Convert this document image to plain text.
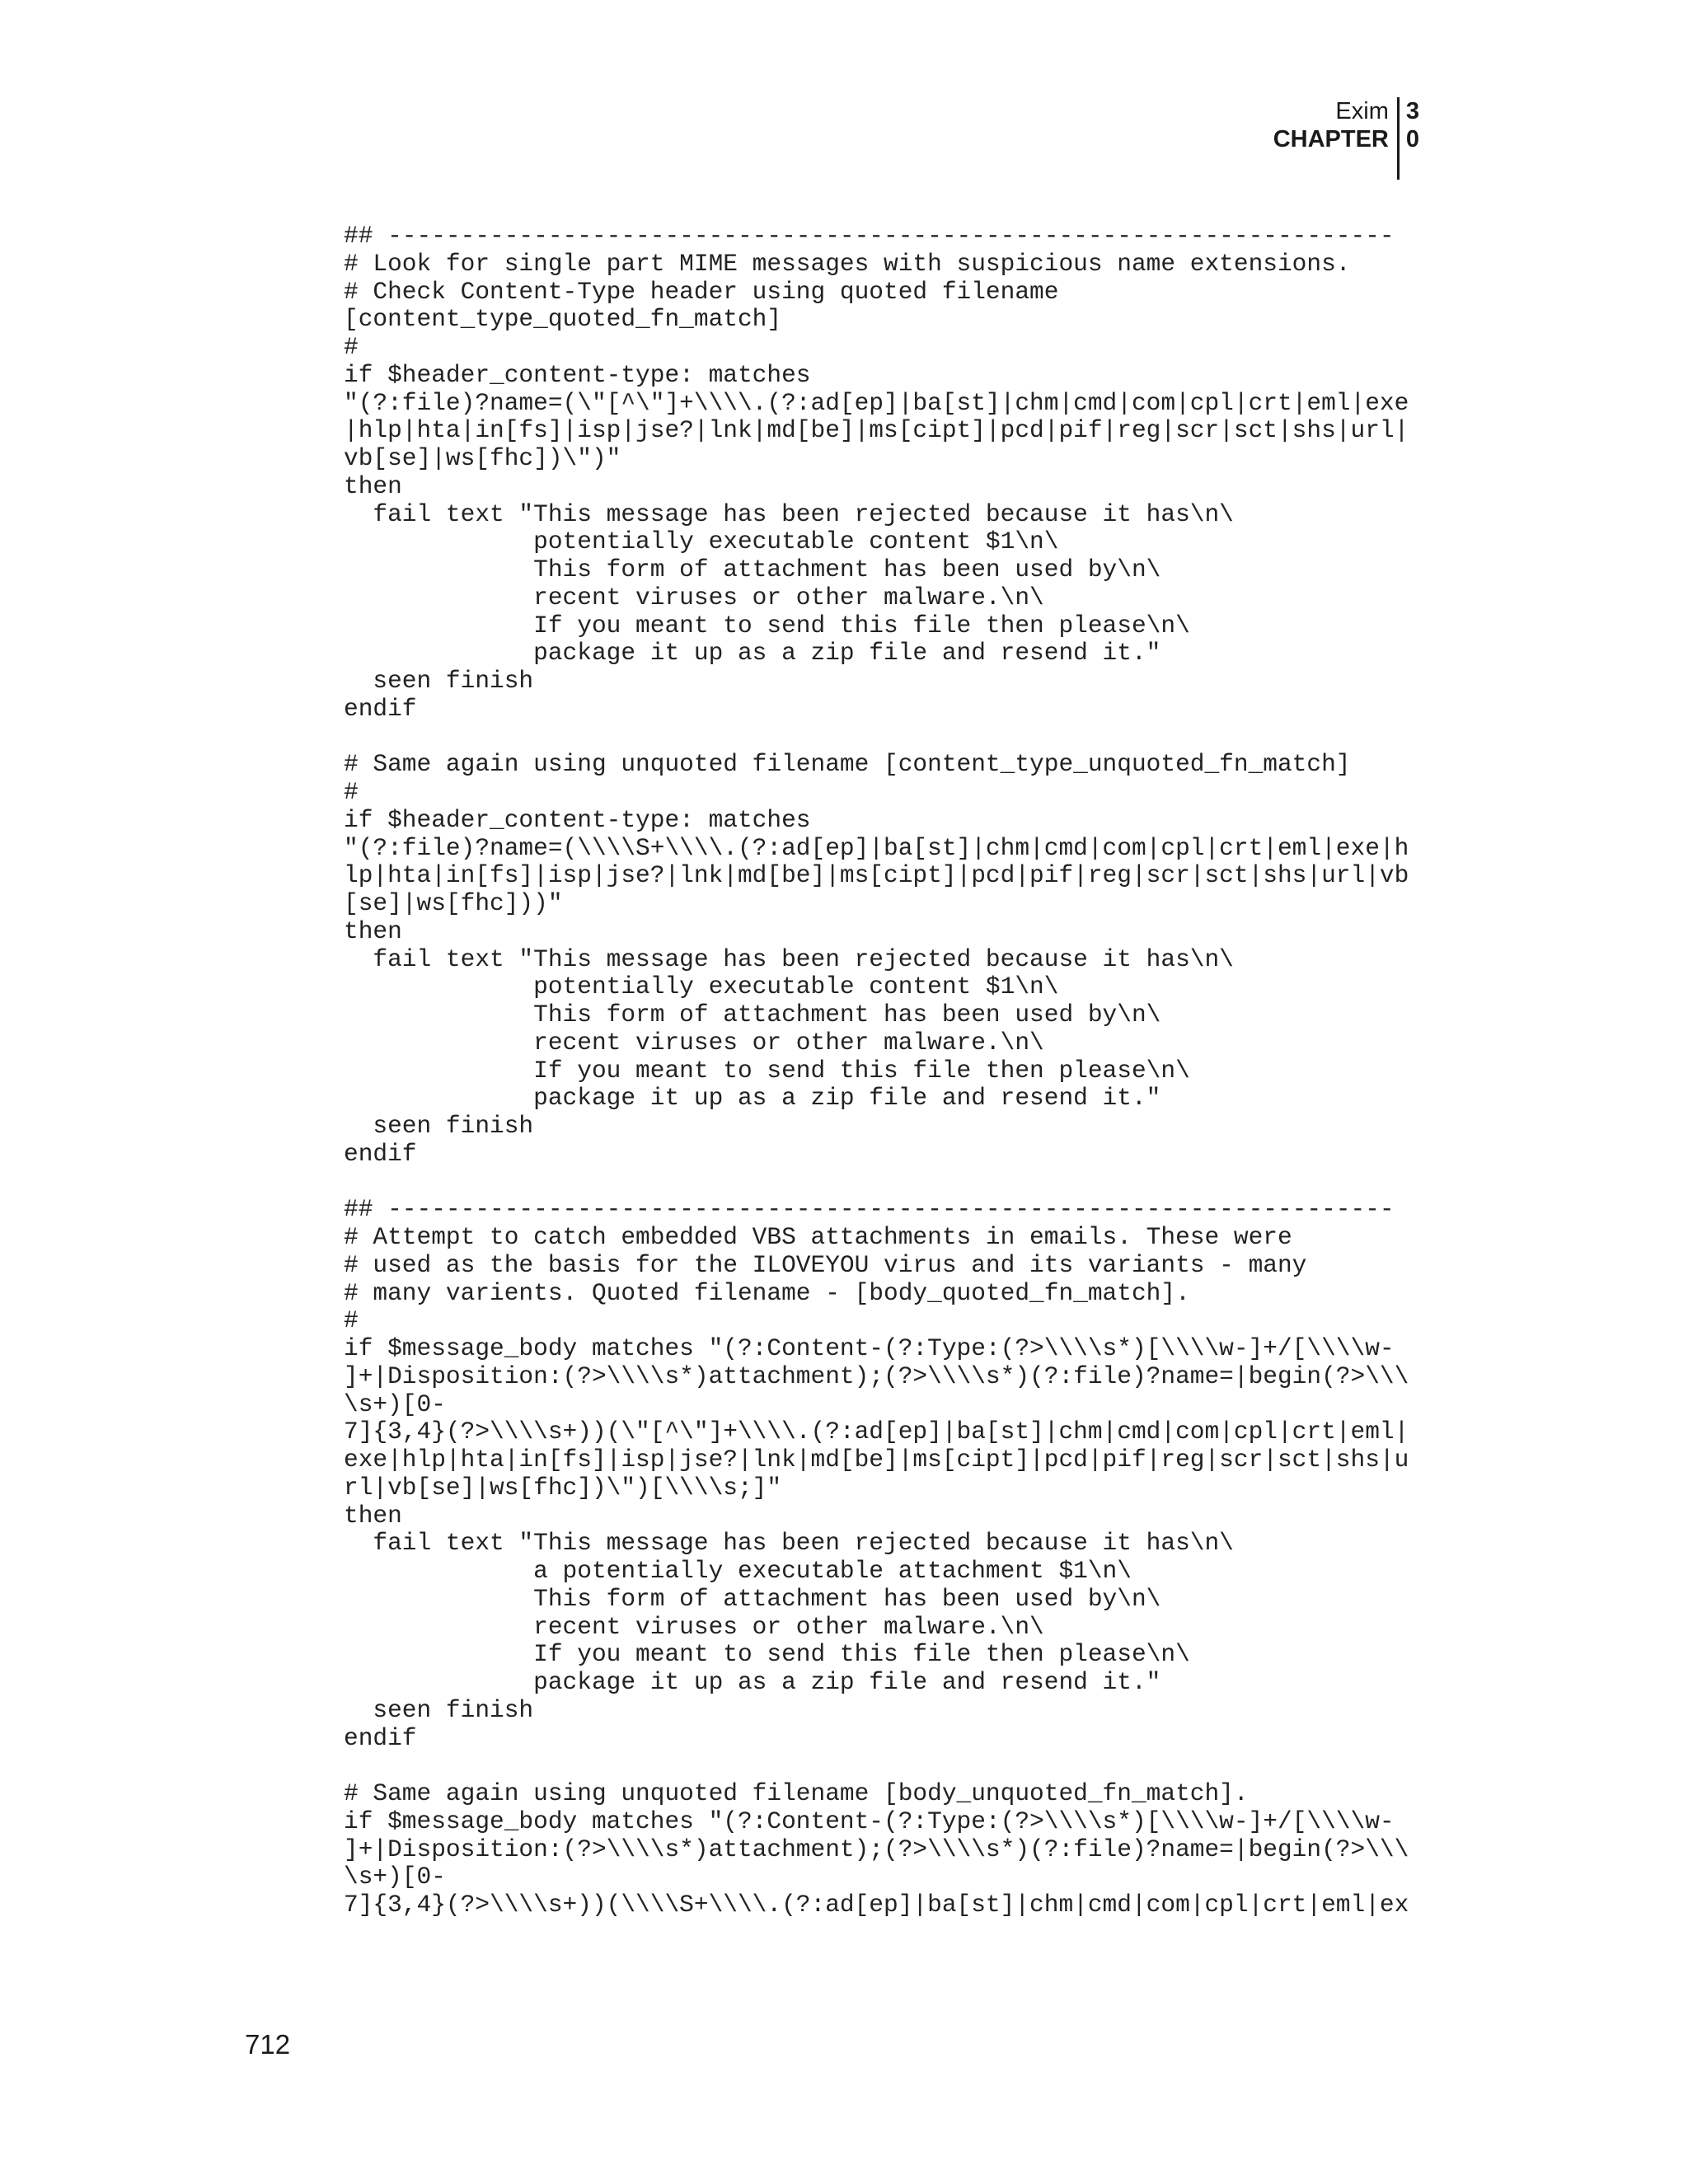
Exim
CHAPTER
3
0
## ---------------------------------------------------------------------
# Look for single part MIME messages with suspicious name extensions.
# Check Content-Type header using quoted filename
[content_type_quoted_fn_match]
#
if $header_content-type: matches
"(?:file)?name=(\"[^\"]+\\\\.(?:ad[ep]|ba[st]|chm|cmd|com|cpl|crt|eml|exe
|hlp|hta|in[fs]|isp|jse?|lnk|md[be]|ms[cipt]|pcd|pif|reg|scr|sct|shs|url|
vb[se]|ws[fhc])\")"
then
fail text "This message has been rejected because it has\n\
potentially executable content $1\n\
This form of attachment has been used by\n\
recent viruses or other malware.\n\
If you meant to send this file then please\n\
package it up as a zip file and resend it."
seen finish
endif
# Same again using unquoted filename [content_type_unquoted_fn_match]
#
if $header_content-type: matches
"(?:file)?name=(\\\\S+\\\\.(?:ad[ep]|ba[st]|chm|cmd|com|cpl|crt|eml|exe|h
lp|hta|in[fs]|isp|jse?|lnk|md[be]|ms[cipt]|pcd|pif|reg|scr|sct|shs|url|vb
[se]|ws[fhc]))"
then
fail text "This message has been rejected because it has\n\
potentially executable content $1\n\
This form of attachment has been used by\n\
recent viruses or other malware.\n\
If you meant to send this file then please\n\
package it up as a zip file and resend it."
seen finish
endif
## ---------------------------------------------------------------------
# Attempt to catch embedded VBS attachments in emails. These were
# used as the basis for the ILOVEYOU virus and its variants - many
# many varients. Quoted filename - [body_quoted_fn_match].
#
if $message_body matches "(?:Content-(?:Type:(?>\\\\s*)[\\\\w-]+/[\\\\w-
]+|Disposition:(?>\\\\s*)attachment);(?>\\\\s*)(?:file)?name=|begin(?>\\\
\s+)[0-
7]{3,4}(?>\\\\s+))(\"[^\"]+\\\\.(?:ad[ep]|ba[st]|chm|cmd|com|cpl|crt|eml|
exe|hlp|hta|in[fs]|isp|jse?|lnk|md[be]|ms[cipt]|pcd|pif|reg|scr|sct|shs|u
rl|vb[se]|ws[fhc])\")[\\\\s;]"
then
fail text "This message has been rejected because it has\n\
a potentially executable attachment $1\n\
This form of attachment has been used by\n\
recent viruses or other malware.\n\
If you meant to send this file then please\n\
package it up as a zip file and resend it."
seen finish
endif
# Same again using unquoted filename [body_unquoted_fn_match].
if $message_body matches "(?:Content-(?:Type:(?>\\\\s*)[\\\\w-]+/[\\\\w-
]+|Disposition:(?>\\\\s*)attachment);(?>\\\\s*)(?:file)?name=|begin(?>\\\
\s+)[0-
7]{3,4}(?>\\\\s+))(\\\\S+\\\\.(?:ad[ep]|ba[st]|chm|cmd|com|cpl|crt|eml|ex
712
